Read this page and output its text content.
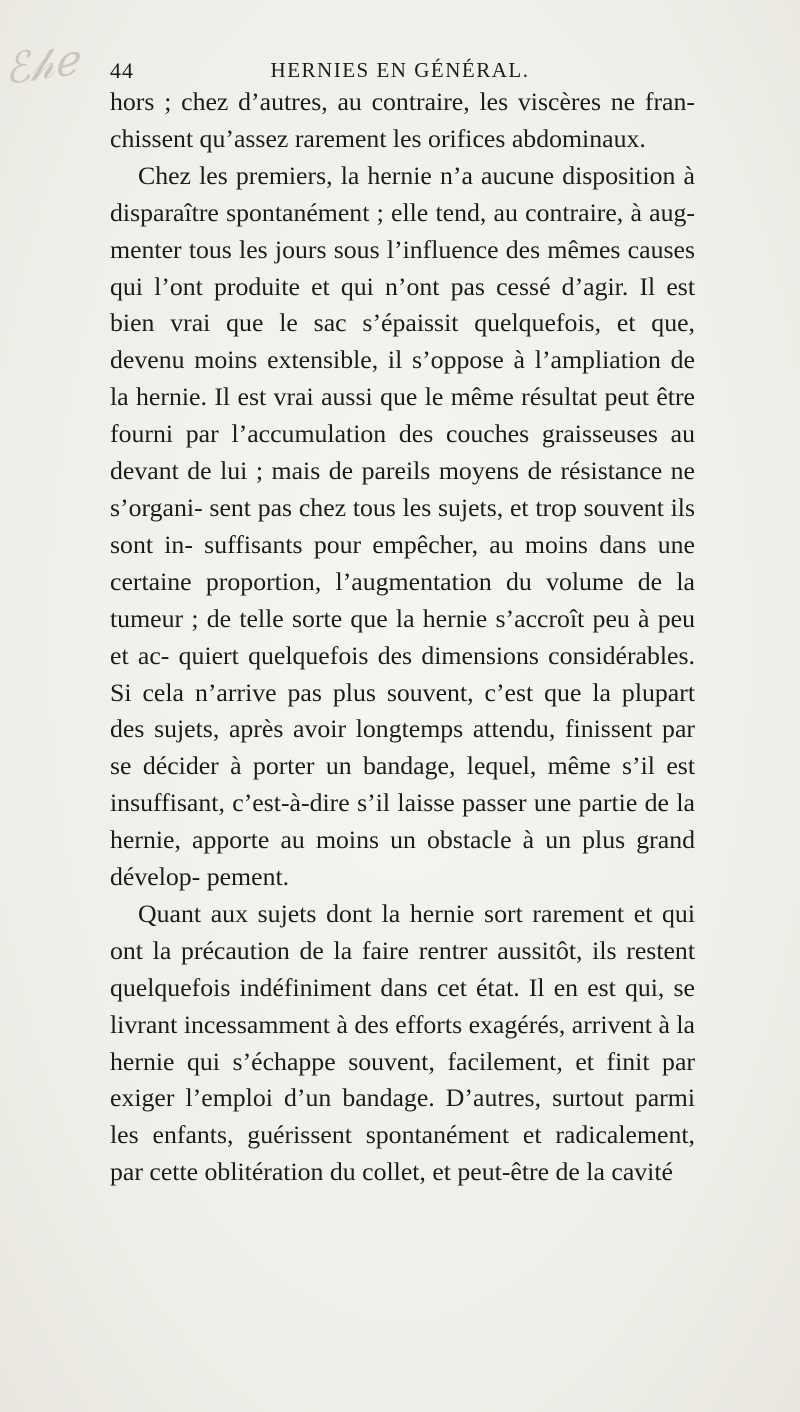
ℰ𝒽ℯ 44	HERNIES EN GÉNÉRAL.

hors ; chez d’autres, au contraire, les viscères ne fran- chissent qu’assez rarement les orifices abdominaux.

Chez les premiers, la hernie n’a aucune disposition à disparaître spontanément ; elle tend, au contraire, à aug- menter tous les jours sous l’influence des mêmes causes qui l’ont produite et qui n’ont pas cessé d’agir. Il est bien vrai que le sac s’épaissit quelquefois, et que, devenu moins extensible, il s’oppose à l’ampliation de la hernie. Il est vrai aussi que le même résultat peut être fourni par l’accumulation des couches graisseuses au devant de lui ; mais de pareils moyens de résistance ne s’organi- sent pas chez tous les sujets, et trop souvent ils sont in- suffisants pour empêcher, au moins dans une certaine proportion, l’augmentation du volume de la tumeur ; de telle sorte que la hernie s’accroît peu à peu et ac- quiert quelquefois des dimensions considérables. Si cela n’arrive pas plus souvent, c’est que la plupart des sujets, après avoir longtemps attendu, finissent par se décider à porter un bandage, lequel, même s’il est insuffisant, c’est-à-dire s’il laisse passer une partie de la hernie, apporte au moins un obstacle à un plus grand dévelop- pement.

Quant aux sujets dont la hernie sort rarement et qui ont la précaution de la faire rentrer aussitôt, ils restent quelquefois indéfiniment dans cet état. Il en est qui, se livrant incessamment à des efforts exagérés, arrivent à la hernie qui s’échappe souvent, facilement, et finit par exiger l’emploi d’un bandage. D’autres, surtout parmi les enfants, guérissent spontanément et radicalement, par cette oblitération du collet, et peut-être de la cavité
